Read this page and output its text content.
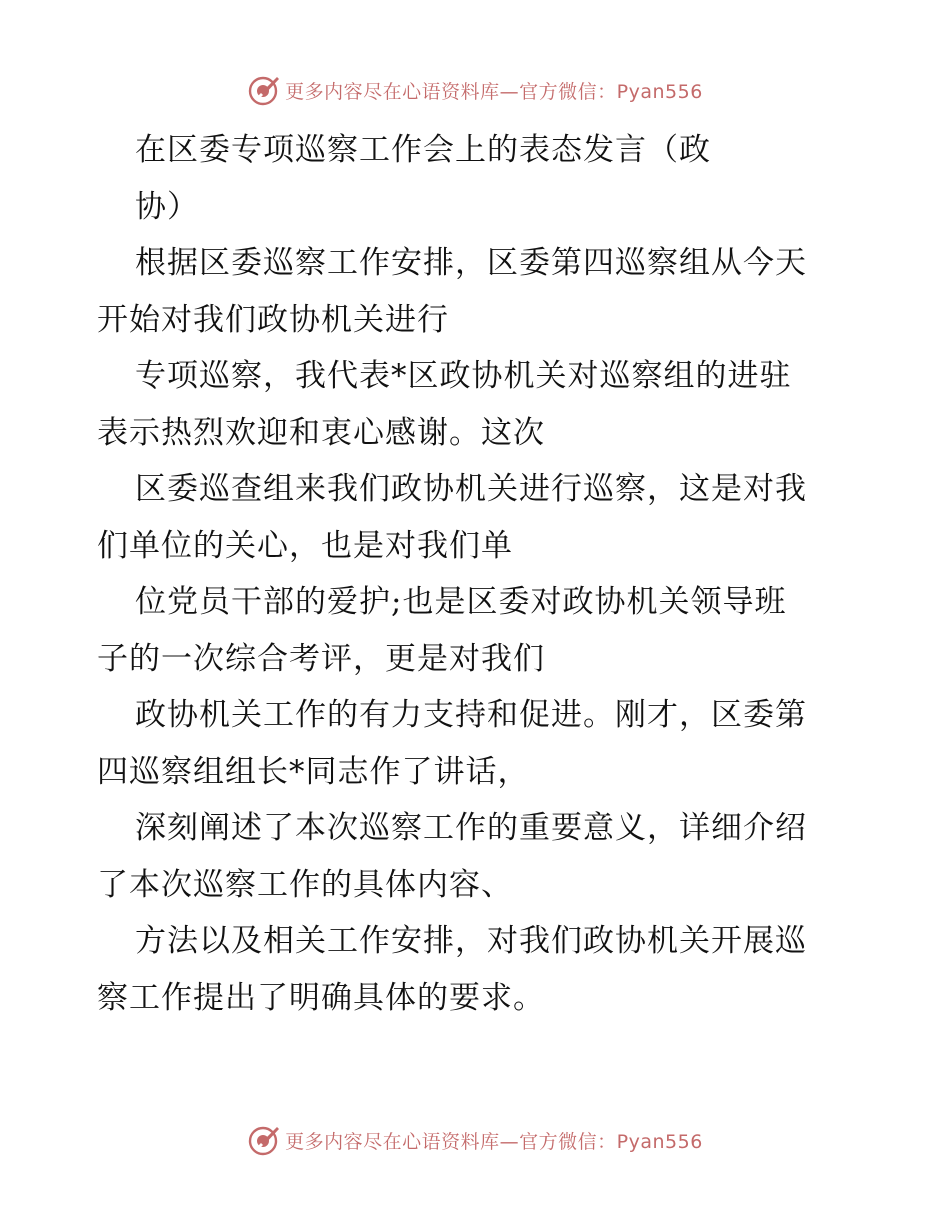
更多内容尽在心语资料库—官方微信：Pyan556
在区委专项巡察工作会上的表态发言（政
协）
根据区委巡察工作安排，区委第四巡察组从今天
开始对我们政协机关进行
专项巡察，我代表*区政协机关对巡察组的进驻
表示热烈欢迎和衷心感谢。这次
区委巡查组来我们政协机关进行巡察，这是对我
们单位的关心，也是对我们单
位党员干部的爱护;也是区委对政协机关领导班
子的一次综合考评，更是对我们
政协机关工作的有力支持和促进。刚才，区委第
四巡察组组长*同志作了讲话，
深刻阐述了本次巡察工作的重要意义，详细介绍
了本次巡察工作的具体内容、
方法以及相关工作安排，对我们政协机关开展巡
察工作提出了明确具体的要求。
更多内容尽在心语资料库—官方微信：Pyan556
